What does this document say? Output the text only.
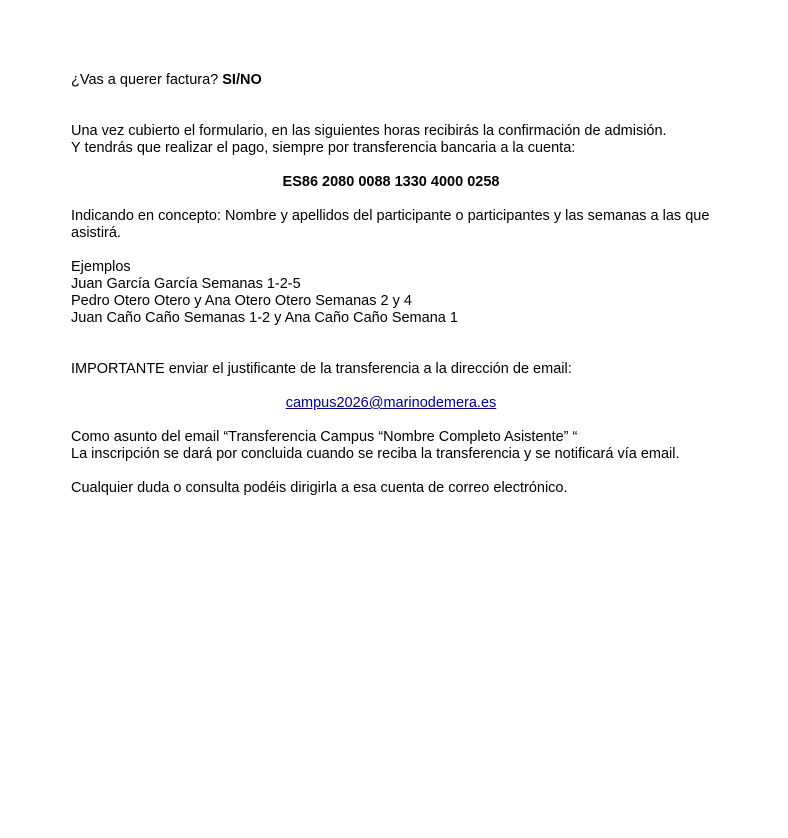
¿Vas a querer factura? SI/NO

Una vez cubierto el formulario, en las siguientes horas recibirás la confirmación de admisión.

Y tendrás que realizar el pago, siempre por transferencia bancaria a la cuenta:

ES86 2080 0088 1330 4000 0258

Indicando en concepto: Nombre y apellidos del participante o participantes y las semanas a las que asistirá.

Ejemplos

Juan García García Semanas 1-2-5

Pedro Otero Otero y Ana Otero Otero Semanas 2 y 4

Juan Caño Caño Semanas 1-2 y Ana Caño Caño Semana 1

IMPORTANTE enviar el justificante de la transferencia a la dirección de email:

campus2026@marinodemera.es

Como asunto del email “Transferencia Campus “Nombre Completo Asistente” “

La inscripción se dará por concluida cuando se reciba la transferencia y se notificará vía email.

Cualquier duda o consulta podéis dirigirla a esa cuenta de correo electrónico.
